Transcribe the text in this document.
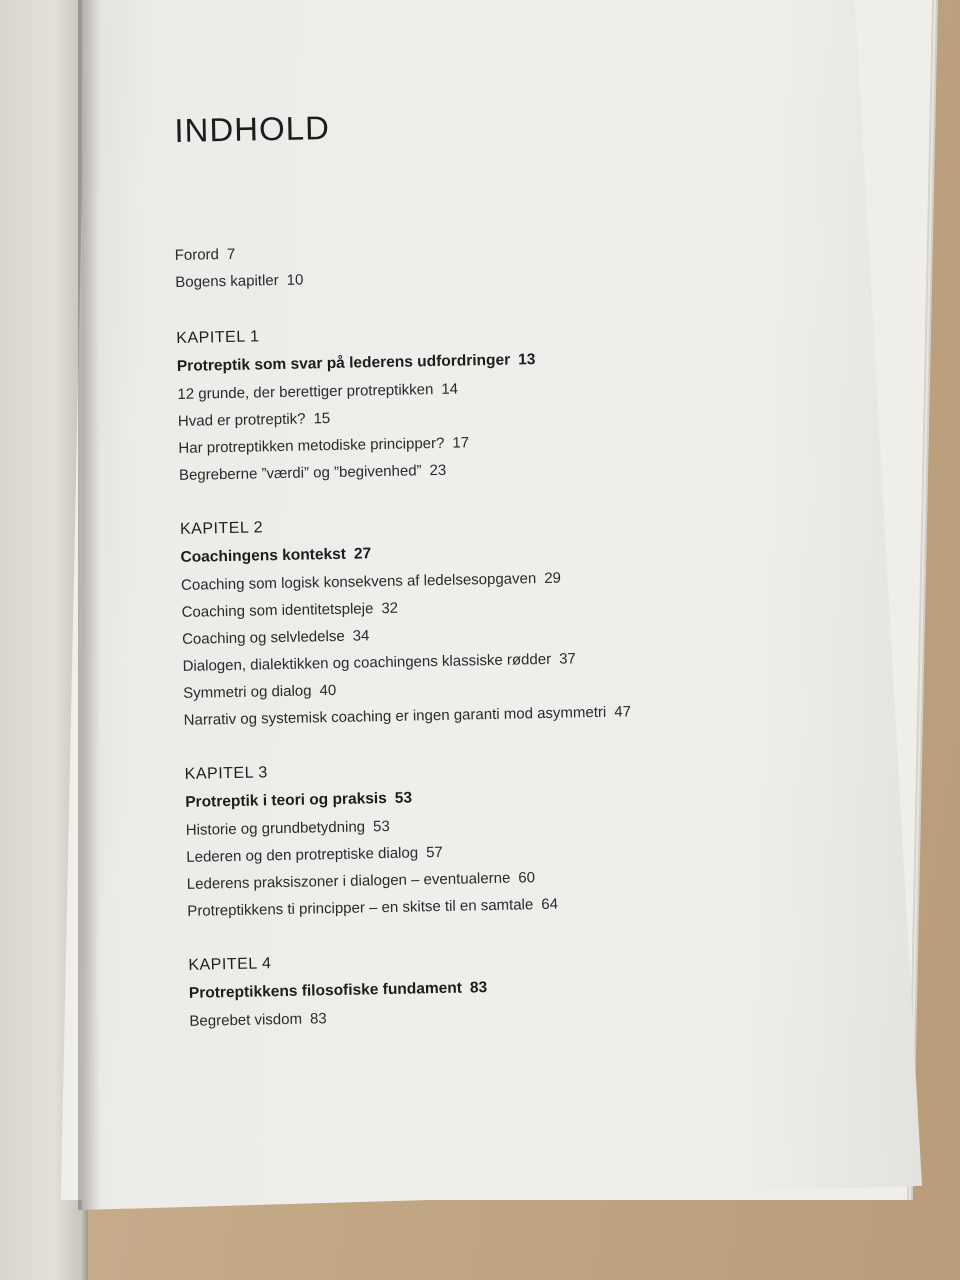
INDHOLD
Forord 7
Bogens kapitler 10
KAPITEL 1
Protreptik som svar på lederens udfordringer 13
12 grunde, der berettiger protreptikken 14
Hvad er protreptik? 15
Har protreptikken metodiske principper? 17
Begreberne ”værdi” og ”begivenhed” 23
KAPITEL 2
Coachingens kontekst 27
Coaching som logisk konsekvens af ledelsesopgaven 29
Coaching som identitetspleje 32
Coaching og selvledelse 34
Dialogen, dialektikken og coachingens klassiske rødder 37
Symmetri og dialog 40
Narrativ og systemisk coaching er ingen garanti mod asymmetri 47
KAPITEL 3
Protreptik i teori og praksis 53
Historie og grundbetydning 53
Lederen og den protreptiske dialog 57
Lederens praksiszoner i dialogen – eventualerne 60
Protreptikkens ti principper – en skitse til en samtale 64
KAPITEL 4
Protreptikkens filosofiske fundament 83
Begrebet visdom 83
